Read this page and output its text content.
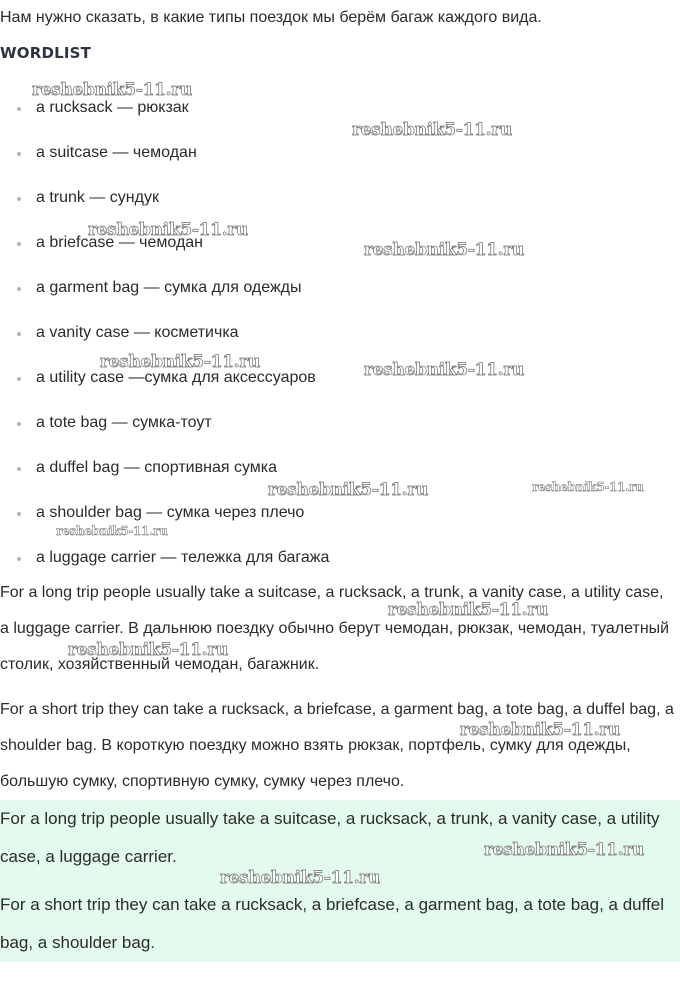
Нам нужно сказать, в какие типы поездок мы берём багаж каждого вида.

WORDLIST
a rucksack — рюкзак
a suitcase — чемодан
a trunk — сундук
a briefcase — чемодан
a garment bag — сумка для одежды
a vanity case — косметичка
a utility case —сумка для аксессуаров
a tote bag — сумка-тоут
a duffel bag — спортивная сумка
a shoulder bag — сумка через плечо
a luggage carrier — тележка для багажа

For a long trip people usually take a suitcase, a rucksack, a trunk, a vanity case, a utility case, a luggage carrier. В дальнюю поездку обычно берут чемодан, рюкзак, чемодан, туалетный столик, хозяйственный чемодан, багажник.

For a short trip they can take a rucksack, a briefcase, a garment bag, a tote bag, a duffel bag, a shoulder bag. В короткую поездку можно взять рюкзак, портфель, сумку для одежды, большую сумку, спортивную сумку, сумку через плечо.

For a long trip people usually take a suitcase, a rucksack, a trunk, a vanity case, a utility case, a luggage carrier.

For a short trip they can take a rucksack, a briefcase, a garment bag, a tote bag, a duffel bag, a shoulder bag.

reshebnik5-11.ru
reshebnik5-11.ru
reshebnik5-11.ru
reshebnik5-11.ru
reshebnik5-11.ru	reshebnik5-11.ru
reshebnik5-11.ru	reshebnik5-11.ru
reshebnik5-11.ru
reshebnik5-11.ru
reshebnik5-11.ru
reshebnik5-11.ru
reshebnik5-11.ru
reshebnik5-11.ru
